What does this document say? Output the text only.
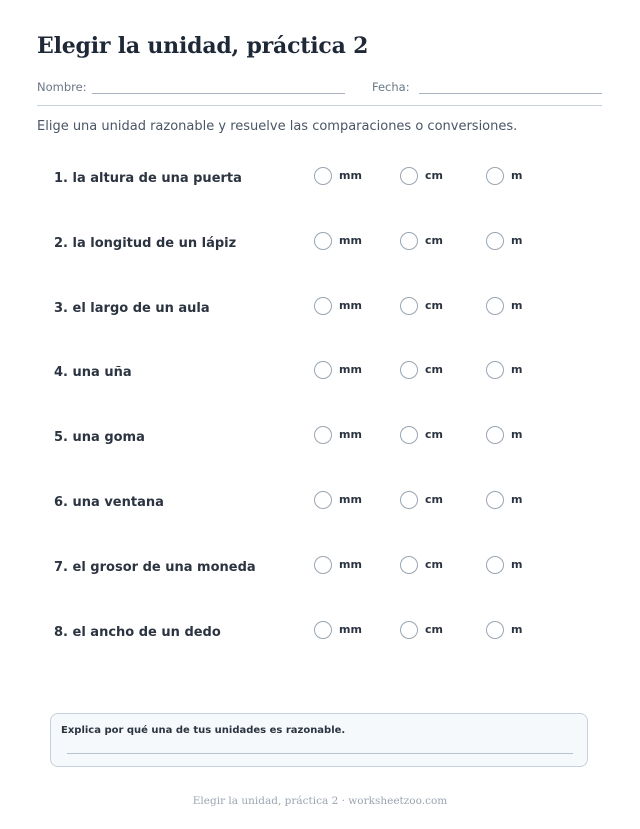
Elegir la unidad, práctica 2
Nombre:	Fecha:
Elige una unidad razonable y resuelve las comparaciones o conversiones.
1. la altura de una puerta	mm	cm	m
2. la longitud de un lápiz	mm	cm	m
3. el largo de un aula	mm	cm	m
4. una uña	mm	cm	m
5. una goma	mm	cm	m
6. una ventana	mm	cm	m
7. el grosor de una moneda	mm	cm	m
8. el ancho de un dedo	mm	cm	m
Explica por qué una de tus unidades es razonable.
Elegir la unidad, práctica 2 · worksheetzoo.com
